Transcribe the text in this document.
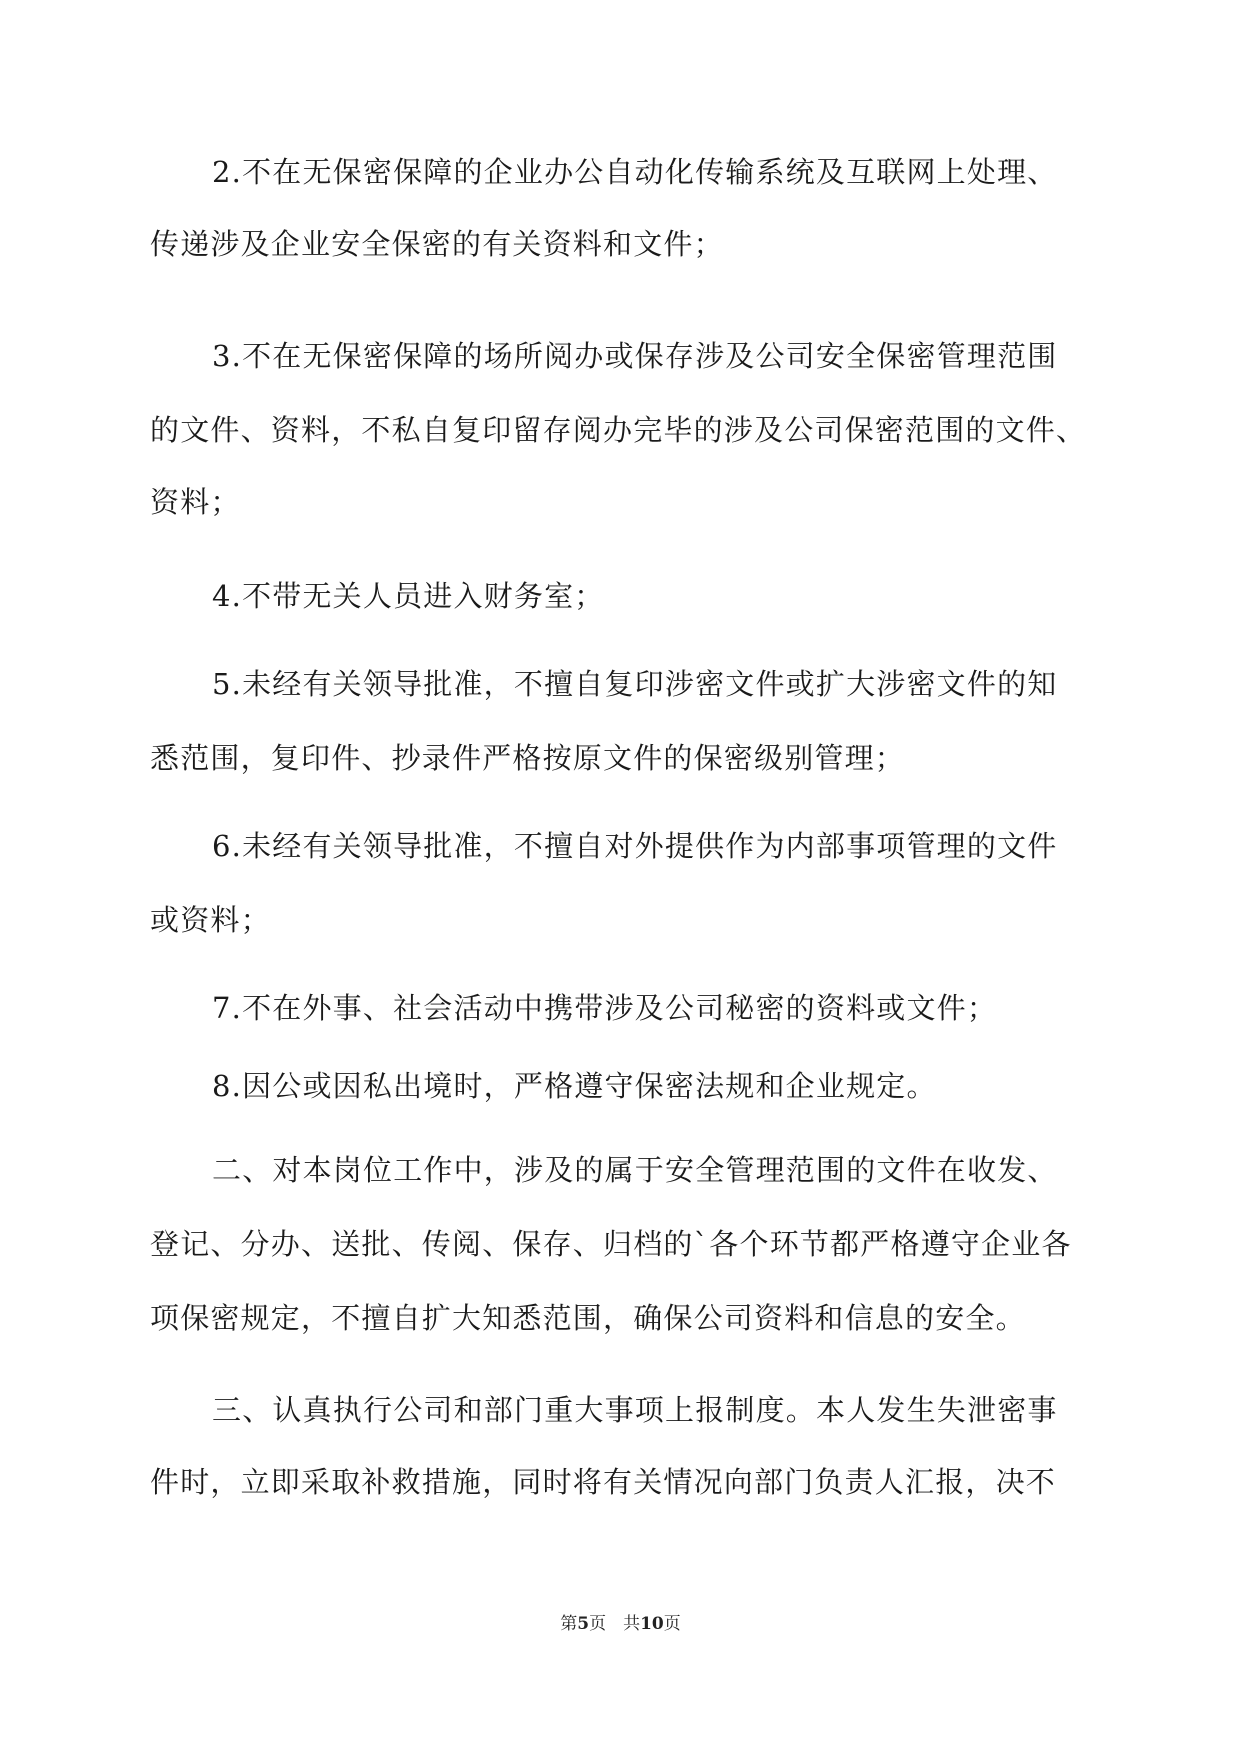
2.不在无保密保障的企业办公自动化传输系统及互联网上处理、
传递涉及企业安全保密的有关资料和文件；
3.不在无保密保障的场所阅办或保存涉及公司安全保密管理范围
的文件、资料，不私自复印留存阅办完毕的涉及公司保密范围的文件、
资料；
4.不带无关人员进入财务室；
5.未经有关领导批准，不擅自复印涉密文件或扩大涉密文件的知
悉范围，复印件、抄录件严格按原文件的保密级别管理；
6.未经有关领导批准，不擅自对外提供作为内部事项管理的文件
或资料；
7.不在外事、社会活动中携带涉及公司秘密的资料或文件；
8.因公或因私出境时，严格遵守保密法规和企业规定。
二、对本岗位工作中，涉及的属于安全管理范围的文件在收发、
登记、分办、送批、传阅、保存、归档的`各个环节都严格遵守企业各
项保密规定，不擅自扩大知悉范围，确保公司资料和信息的安全。
三、认真执行公司和部门重大事项上报制度。本人发生失泄密事
件时，立即采取补救措施，同时将有关情况向部门负责人汇报，决不
第5页　共10页
